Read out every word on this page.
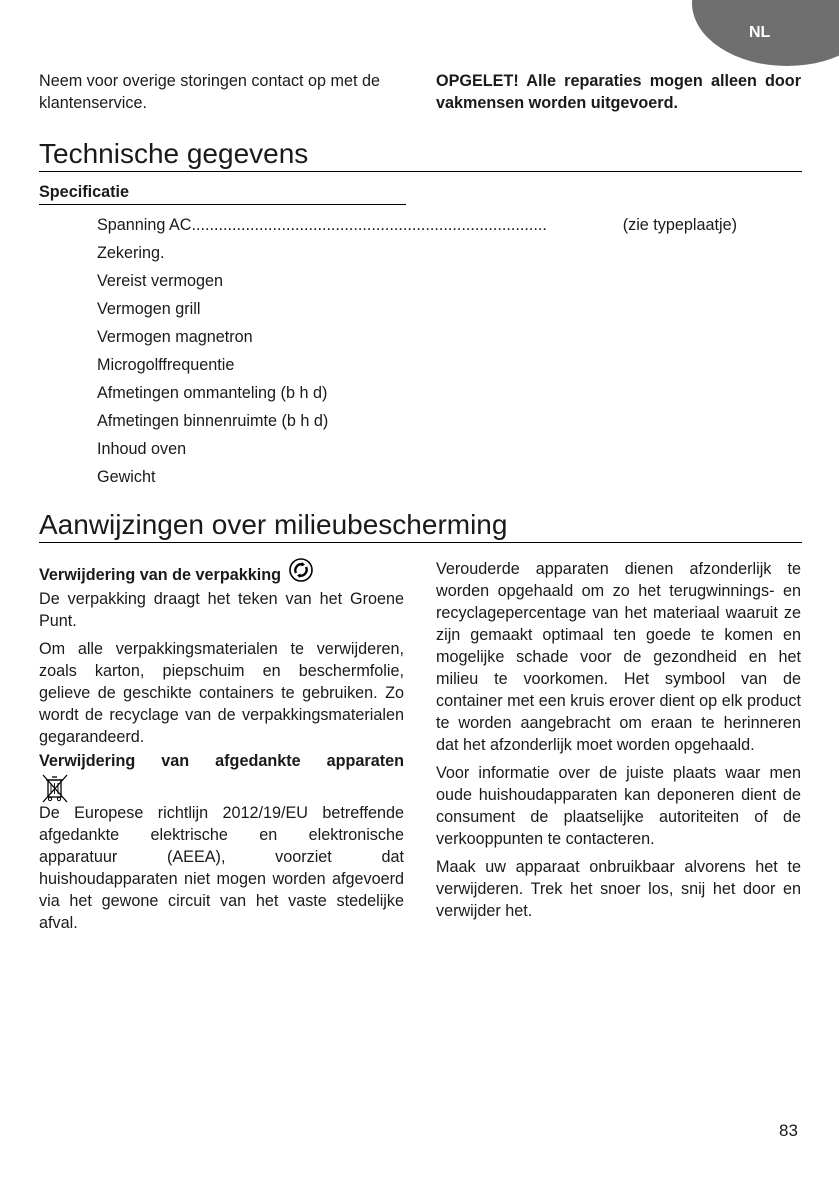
NL

Neem voor overige storingen contact op met de klantenservice.

OPGELET! Alle reparaties mogen alleen door vakmensen worden uitgevoerd.

Technische gegevens
Specificatie
Spanning AC ...............................................................................	(zie typeplaatje)
Zekering.
Vereist vermogen
Vermogen grill
Vermogen magnetron
Microgolffrequentie
Afmetingen ommanteling (b h d)
Afmetingen binnenruimte (b h d)
Inhoud oven
Gewicht
Aanwijzingen over milieubescherming
Verwijdering van de verpakking

De verpakking draagt het teken van het Groene Punt.

Om alle verpakkingsmaterialen te verwijderen, zoals karton, piepschuim en beschermfolie, gelieve de geschikte containers te gebruiken. Zo wordt de recyclage van de verpakkingsmaterialen gegarandeerd.

Verwijdering van afgedankte apparaten

De Europese richtlijn 2012/19/EU betreffende afgedankte elektrische en elektronische apparatuur (AEEA), voorziet dat huishoudapparaten niet mogen worden afgevoerd via het gewone circuit van het vaste stedelijke afval.

Verouderde apparaten dienen afzonderlijk te worden opgehaald om zo het terugwinnings- en recyclagepercentage van het materiaal waaruit ze zijn gemaakt optimaal ten goede te komen en mogelijke schade voor de gezondheid en het milieu te voorkomen. Het symbool van de container met een kruis erover dient op elk product te worden aangebracht om eraan te herinneren dat het afzonderlijk moet worden opgehaald.

Voor informatie over de juiste plaats waar men oude huishoudapparaten kan deponeren dient de consument de plaatselijke autoriteiten of de verkooppunten te contacteren.

Maak uw apparaat onbruikbaar alvorens het te verwijderen. Trek het snoer los, snij het door en verwijder het.

83
